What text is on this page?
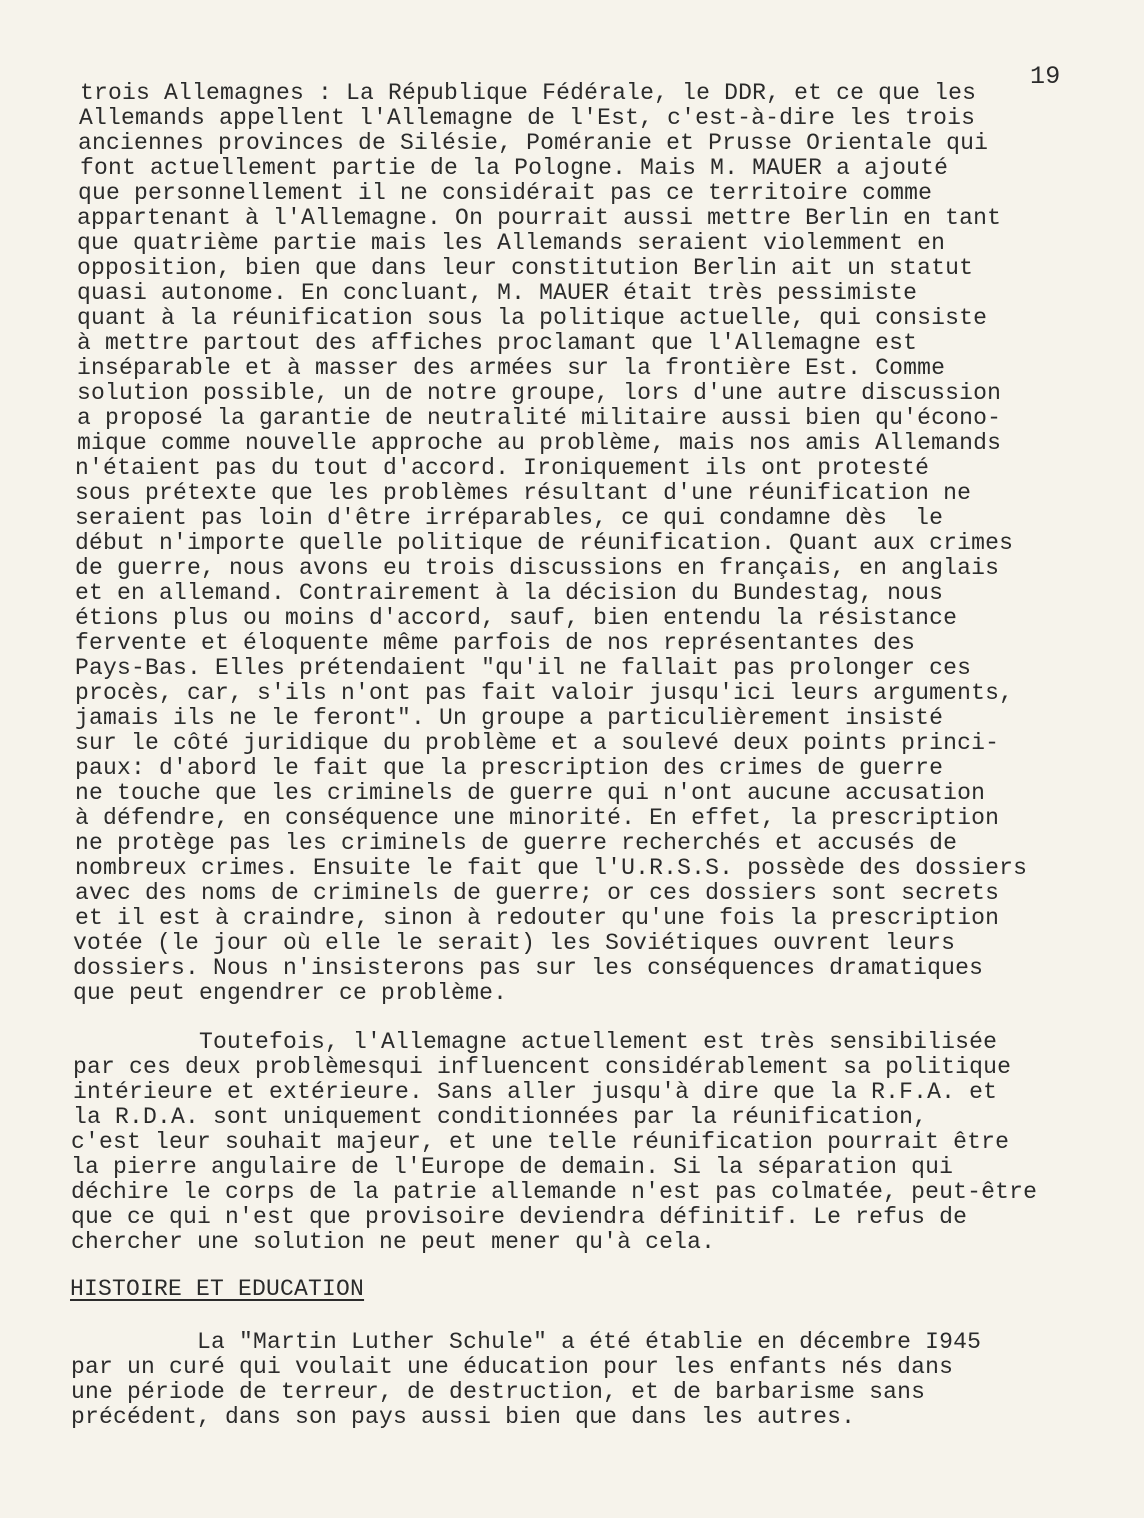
19
trois Allemagnes : La République Fédérale, le DDR, et ce que les
Allemands appellent l'Allemagne de l'Est, c'est-à-dire les trois
anciennes provinces de Silésie, Poméranie et Prusse Orientale qui
font actuellement partie de la Pologne. Mais M. MAUER a ajouté
que personnellement il ne considérait pas ce territoire comme
appartenant à l'Allemagne. On pourrait aussi mettre Berlin en tant
que quatrième partie mais les Allemands seraient violemment en
opposition, bien que dans leur constitution Berlin ait un statut
quasi autonome. En concluant, M. MAUER était très pessimiste
quant à la réunification sous la politique actuelle, qui consiste
à mettre partout des affiches proclamant que l'Allemagne est
inséparable et à masser des armées sur la frontière Est. Comme
solution possible, un de notre groupe, lors d'une autre discussion
a proposé la garantie de neutralité militaire aussi bien qu'écono-
mique comme nouvelle approche au problème, mais nos amis Allemands
n'étaient pas du tout d'accord. Ironiquement ils ont protesté
sous prétexte que les problèmes résultant d'une réunification ne
seraient pas loin d'être irréparables, ce qui condamne dès  le
début n'importe quelle politique de réunification. Quant aux crimes
de guerre, nous avons eu trois discussions en français, en anglais
et en allemand. Contrairement à la décision du Bundestag, nous
étions plus ou moins d'accord, sauf, bien entendu la résistance
fervente et éloquente même parfois de nos représentantes des
Pays-Bas. Elles prétendaient "qu'il ne fallait pas prolonger ces
procès, car, s'ils n'ont pas fait valoir jusqu'ici leurs arguments,
jamais ils ne le feront". Un groupe a particulièrement insisté
sur le côté juridique du problème et a soulevé deux points princi-
paux: d'abord le fait que la prescription des crimes de guerre
ne touche que les criminels de guerre qui n'ont aucune accusation
à défendre, en conséquence une minorité. En effet, la prescription
ne protège pas les criminels de guerre recherchés et accusés de
nombreux crimes. Ensuite le fait que l'U.R.S.S. possède des dossiers
avec des noms de criminels de guerre; or ces dossiers sont secrets
et il est à craindre, sinon à redouter qu'une fois la prescription
votée (le jour où elle le serait) les Soviétiques ouvrent leurs
dossiers. Nous n'insisterons pas sur les conséquences dramatiques
que peut engendrer ce problème.
Toutefois, l'Allemagne actuellement est très sensibilisée
par ces deux problèmesqui influencent considérablement sa politique
intérieure et extérieure. Sans aller jusqu'à dire que la R.F.A. et
la R.D.A. sont uniquement conditionnées par la réunification,
c'est leur souhait majeur, et une telle réunification pourrait être
la pierre angulaire de l'Europe de demain. Si la séparation qui
déchire le corps de la patrie allemande n'est pas colmatée, peut-être
que ce qui n'est que provisoire deviendra définitif. Le refus de
chercher une solution ne peut mener qu'à cela.
HISTOIRE ET EDUCATION
La "Martin Luther Schule" a été établie en décembre I945
par un curé qui voulait une éducation pour les enfants nés dans
une période de terreur, de destruction, et de barbarisme sans
précédent, dans son pays aussi bien que dans les autres.
